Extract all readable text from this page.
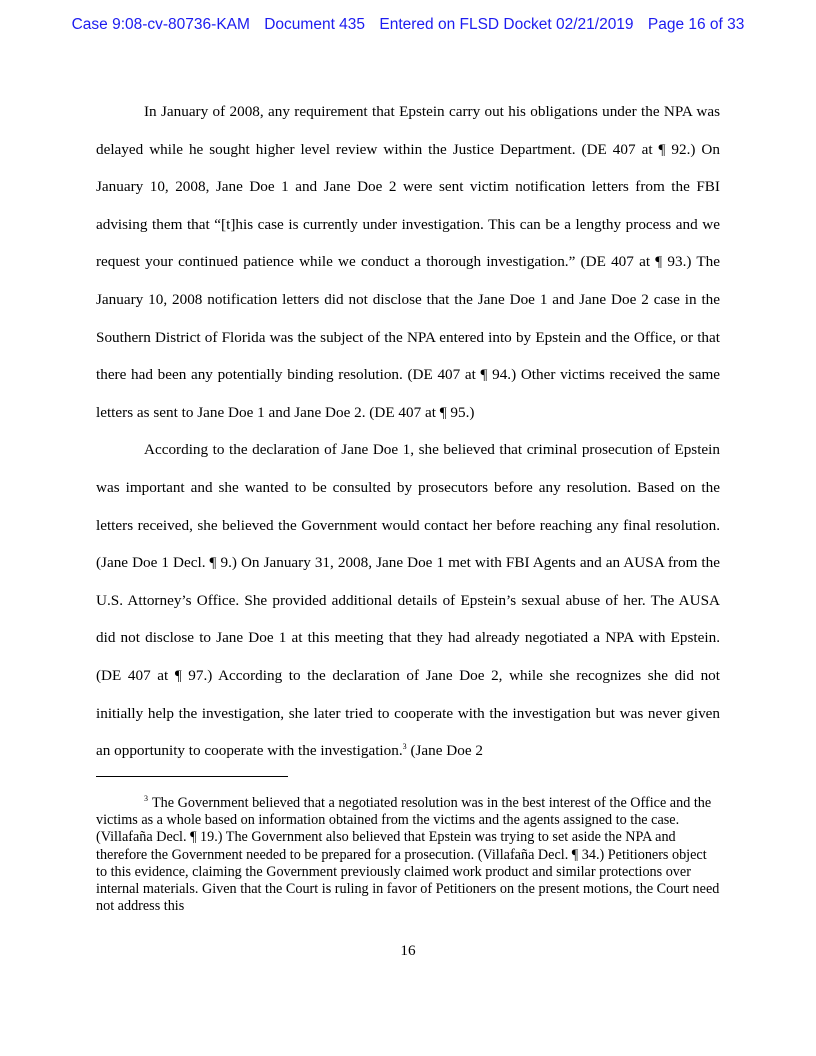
Case 9:08-cv-80736-KAM Document 435 Entered on FLSD Docket 02/21/2019 Page 16 of 33

In January of 2008, any requirement that Epstein carry out his obligations under the NPA was delayed while he sought higher level review within the Justice Department. (DE 407 at ¶ 92.) On January 10, 2008, Jane Doe 1 and Jane Doe 2 were sent victim notification letters from the FBI advising them that “[t]his case is currently under investigation. This can be a lengthy process and we request your continued patience while we conduct a thorough investigation.” (DE 407 at ¶ 93.) The January 10, 2008 notification letters did not disclose that the Jane Doe 1 and Jane Doe 2 case in the Southern District of Florida was the subject of the NPA entered into by Epstein and the Office, or that there had been any potentially binding resolution. (DE 407 at ¶ 94.) Other victims received the same letters as sent to Jane Doe 1 and Jane Doe 2. (DE 407 at ¶ 95.)

According to the declaration of Jane Doe 1, she believed that criminal prosecution of Epstein was important and she wanted to be consulted by prosecutors before any resolution. Based on the letters received, she believed the Government would contact her before reaching any final resolution. (Jane Doe 1 Decl. ¶ 9.) On January 31, 2008, Jane Doe 1 met with FBI Agents and an AUSA from the U.S. Attorney’s Office. She provided additional details of Epstein’s sexual abuse of her. The AUSA did not disclose to Jane Doe 1 at this meeting that they had already negotiated a NPA with Epstein. (DE 407 at ¶ 97.) According to the declaration of Jane Doe 2, while she recognizes she did not initially help the investigation, she later tried to cooperate with the investigation but was never given an opportunity to cooperate with the investigation.$^3$ (Jane Doe 2

$^3$ The Government believed that a negotiated resolution was in the best interest of the Office and the victims as a whole based on information obtained from the victims and the agents assigned to the case. (Villafaña Decl. ¶ 19.) The Government also believed that Epstein was trying to set aside the NPA and therefore the Government needed to be prepared for a prosecution. (Villafaña Decl. ¶ 34.) Petitioners object to this evidence, claiming the Government previously claimed work product and similar protections over internal materials. Given that the Court is ruling in favor of Petitioners on the present motions, the Court need not address this

16
